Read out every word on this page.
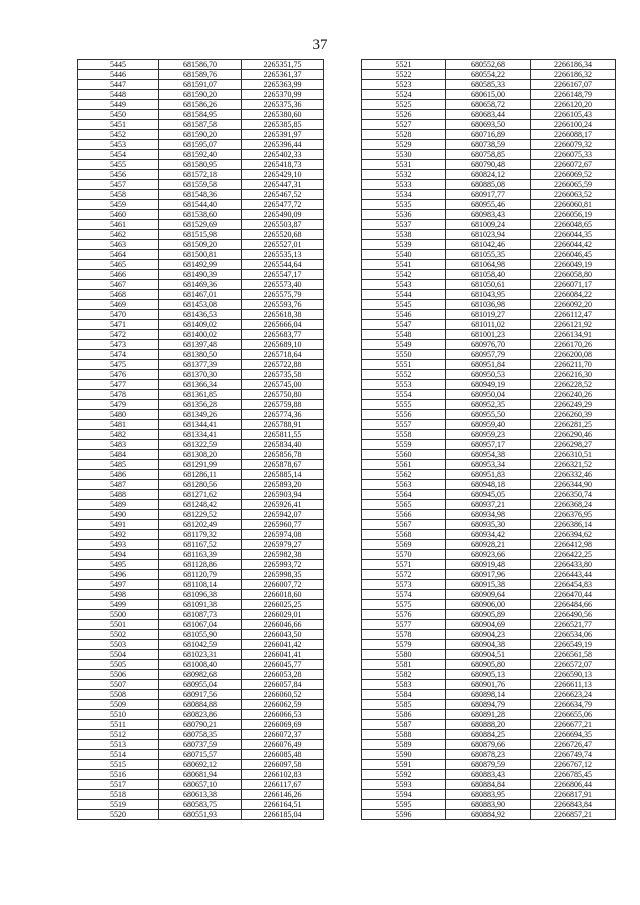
37
5445	681586,70	2265351,75
5446	681589,76	2265361,37
5447	681591,07	2265363,99
5448	681590,20	2265370,99
5449	681586,26	2265375,36
5450	681584,95	2265380,60
5451	681587,58	2265385,85
5452	681590,20	2265391,97
5453	681595,07	2265396,44
5454	681592,40	2265402,33
5455	681580,95	2265418,73
5456	681572,18	2265429,10
5457	681559,58	2265447,31
5458	681548,36	2265467,52
5459	681544,40	2265477,72
5460	681538,60	2265490,09
5461	681529,69	2265503,87
5462	681515,98	2265520,68
5463	681509,20	2265527,01
5464	681500,81	2265535,13
5465	681492,99	2265544,64
5466	681490,39	2265547,17
5467	681469,36	2265573,40
5468	681467,01	2265575,79
5469	681453,08	2265593,76
5470	681436,53	2265618,38
5471	681409,02	2265666,04
5472	681400,02	2265683,77
5473	681397,48	2265689,10
5474	681380,50	2265718,64
5475	681377,39	2265722,88
5476	681370,30	2265735,58
5477	681366,34	2265745,00
5478	681361,85	2265750,80
5479	681356,28	2265759,88
5480	681349,26	2265774,36
5481	681344,41	2265788,91
5482	681334,41	2265811,55
5483	681322,59	2265834,40
5484	681308,20	2265856,78
5485	681291,99	2265878,67
5486	681286,11	2265885,14
5487	681280,56	2265893,20
5488	681271,62	2265903,94
5489	681248,42	2265926,41
5490	681229,52	2265942,07
5491	681202,49	2265960,77
5492	681179,32	2265974,08
5493	681167,52	2265979,27
5494	681163,39	2265982,38
5495	681128,86	2265993,72
5496	681120,79	2265998,35
5497	681108,14	2266007,72
5498	681096,38	2266018,60
5499	681091,38	2266025,25
5500	681087,73	2266029,01
5501	681067,04	2266046,66
5502	681055,90	2266043,50
5503	681042,59	2266041,42
5504	681023,31	2266041,41
5505	681008,40	2266045,77
5506	680982,68	2266053,28
5507	680955,04	2266057,84
5508	680917,56	2266060,52
5509	680884,88	2266062,59
5510	680823,86	2266066,53
5511	680790,21	2266069,69
5512	680758,35	2266072,37
5513	680737,59	2266076,49
5514	680715,57	2266085,48
5515	680692,12	2266097,58
5516	680681,94	2266102,83
5517	680657,10	2266117,67
5518	680613,38	2266146,26
5519	680583,75	2266164,51
5520	680551,93	2266185,04
5521	680552,68	2266186,34
5522	680554,22	2266186,32
5523	680585,33	2266167,07
5524	680615,00	2266148,79
5525	680658,72	2266120,20
5526	680683,44	2266105,43
5527	680693,50	2266100,24
5528	680716,89	2266088,17
5529	680738,59	2266079,32
5530	680758,85	2266075,33
5531	680790,48	2266072,67
5532	680824,12	2266069,52
5533	680885,08	2266065,59
5534	680917,77	2266063,52
5535	680955,46	2266060,81
5536	680983,43	2266056,19
5537	681009,24	2266048,65
5538	681023,94	2266044,35
5539	681042,46	2266044,42
5540	681055,35	2266046,45
5541	681064,98	2266049,19
5542	681058,40	2266058,80
5543	681050,61	2266071,17
5544	681043,95	2266084,22
5545	681036,98	2266092,20
5546	681019,27	2266112,47
5547	681011,02	2266121,92
5548	681001,23	2266134,91
5549	680976,70	2266170,26
5550	680957,79	2266200,08
5551	680951,84	2266211,70
5552	680950,53	2266216,30
5553	680949,19	2266228,52
5554	680950,04	2266240,26
5555	680952,35	2266249,29
5556	680955,50	2266260,39
5557	680959,40	2266281,25
5558	680959,23	2266290,46
5559	680957,17	2266298,27
5560	680954,38	2266310,51
5561	680953,34	2266321,52
5562	680951,83	2266332,46
5563	680948,18	2266344,90
5564	680945,05	2266350,74
5565	680937,21	2266368,24
5566	680934,98	2266376,95
5567	680935,30	2266386,14
5568	680934,42	2266394,62
5569	680928,21	2266412,98
5570	680923,66	2266422,25
5571	680919,48	2266433,80
5572	680917,96	2266443,44
5573	680915,38	2266454,83
5574	680909,64	2266470,44
5575	680906,00	2266484,66
5576	680905,89	2266490,56
5577	680904,69	2266521,77
5578	680904,23	2266534,06
5579	680904,38	2266549,19
5580	680904,51	2266561,58
5581	680905,80	2266572,07
5582	680905,13	2266590,13
5583	680901,76	2266611,13
5584	680898,14	2266623,24
5585	680894,79	2266634,79
5586	680891,28	2266655,06
5587	680888,20	2266677,21
5588	680884,25	2266694,35
5589	680879,66	2266726,47
5590	680878,23	2266749,74
5591	680879,59	2266767,12
5592	680883,43	2266785,45
5593	680884,84	2266806,44
5594	680883,95	2266817,91
5595	680883,90	2266843,84
5596	680884,92	2266857,21
